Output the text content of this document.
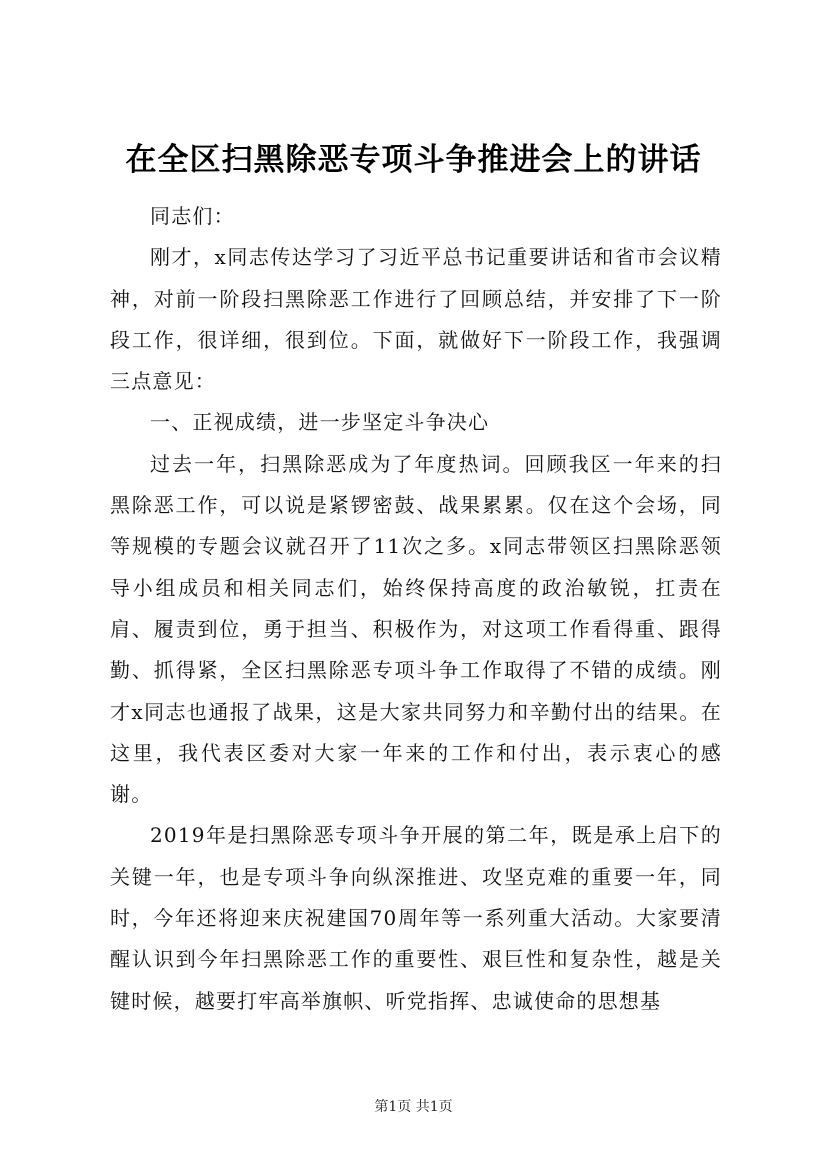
在全区扫黑除恶专项斗争推进会上的讲话

同志们：

刚才，x同志传达学习了习近平总书记重要讲话和省市会议精神，对前一阶段扫黑除恶工作进行了回顾总结，并安排了下一阶段工作，很详细，很到位。下面，就做好下一阶段工作，我强调三点意见：

一、正视成绩，进一步坚定斗争决心

过去一年，扫黑除恶成为了年度热词。回顾我区一年来的扫黑除恶工作，可以说是紧锣密鼓、战果累累。仅在这个会场，同等规模的专题会议就召开了11次之多。x同志带领区扫黑除恶领导小组成员和相关同志们，始终保持高度的政治敏锐，扛责在肩、履责到位，勇于担当、积极作为，对这项工作看得重、跟得勤、抓得紧，全区扫黑除恶专项斗争工作取得了不错的成绩。刚才x同志也通报了战果，这是大家共同努力和辛勤付出的结果。在这里，我代表区委对大家一年来的工作和付出，表示衷心的感谢。

2019年是扫黑除恶专项斗争开展的第二年，既是承上启下的关键一年，也是专项斗争向纵深推进、攻坚克难的重要一年，同时，今年还将迎来庆祝建国70周年等一系列重大活动。大家要清醒认识到今年扫黑除恶工作的重要性、艰巨性和复杂性，越是关键时候，越要打牢高举旗帜、听党指挥、忠诚使命的思想基

第1页 共1页
